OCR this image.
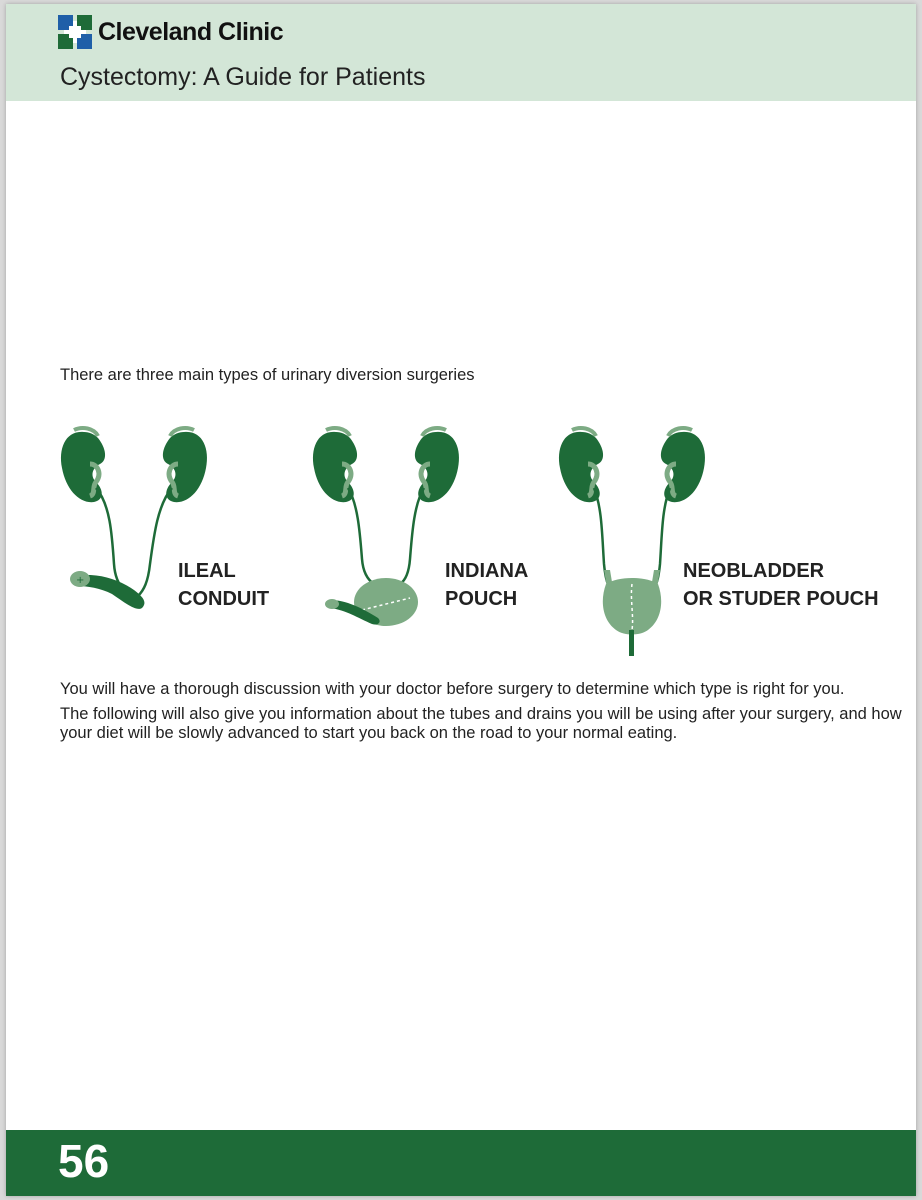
Cleveland Clinic
Cystectomy: A Guide for Patients

There are three main types of urinary diversion surgeries

+	ILEAL

CONDUIT

INDIANA

POUCH

NEOBLADDER

OR STUDER POUCH

You will have a thorough discussion with your doctor before surgery to determine which type is right for you.

The following will also give you information about the tubes and drains you will be using after your surgery, and how your diet will be slowly advanced to start you back on the road to your normal eating.

56
